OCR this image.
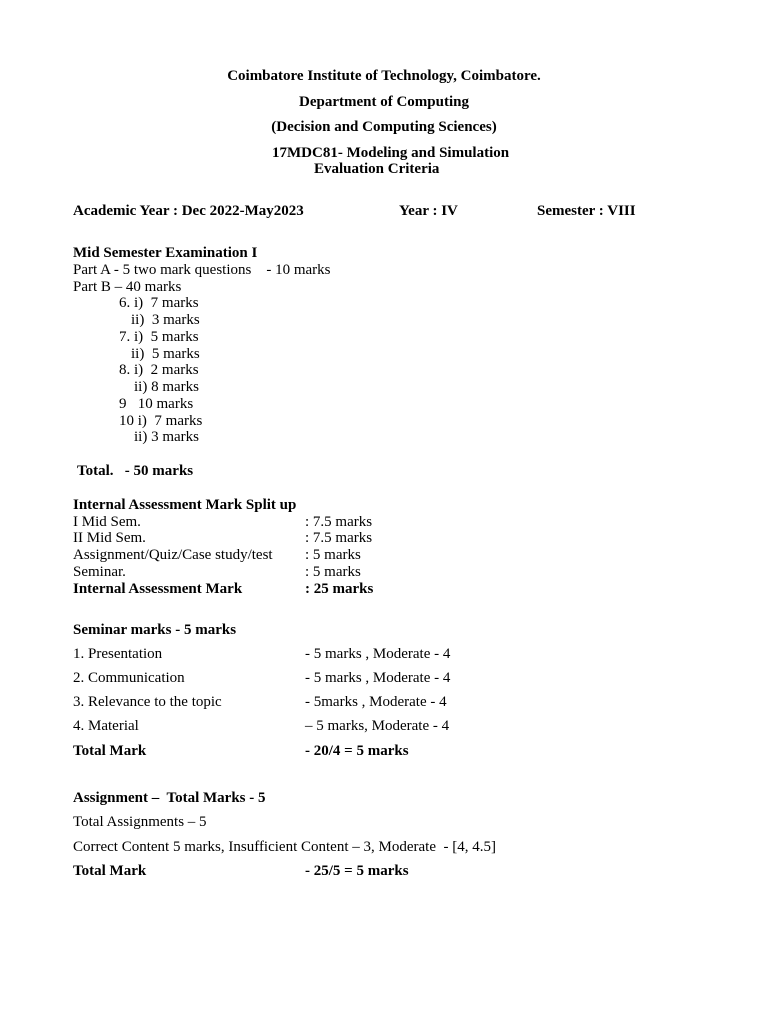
Coimbatore Institute of Technology, Coimbatore.
Department of Computing
(Decision and Computing Sciences)
17MDC81- Modeling and Simulation
Evaluation Criteria
Academic Year : Dec 2022-May2023	Year : IV	Semester : VIII
Mid Semester Examination I
Part A - 5 two mark questions    - 10 marks
Part B – 40 marks
6. i)  7 marks
ii)  3 marks
7. i)  5 marks
ii)  5 marks
8. i)  2 marks
ii) 8 marks
9   10 marks
10 i)  7 marks
ii) 3 marks
Total.   - 50 marks
Internal Assessment Mark Split up
I Mid Sem.	: 7.5 marks
II Mid Sem.	: 7.5 marks
Assignment/Quiz/Case study/test : 5 marks
Seminar.	: 5 marks
Internal Assessment Mark	: 25 marks
Seminar marks - 5 marks
1. Presentation	- 5 marks , Moderate - 4
2. Communication	- 5 marks , Moderate - 4
3. Relevance to the topic	- 5marks , Moderate - 4
4. Material	– 5 marks, Moderate - 4
Total Mark	- 20/4 = 5 marks
Assignment –  Total Marks - 5
Total Assignments – 5
Correct Content 5 marks, Insufficient Content – 3, Moderate  - [4, 4.5]
Total Mark	- 25/5 = 5 marks
